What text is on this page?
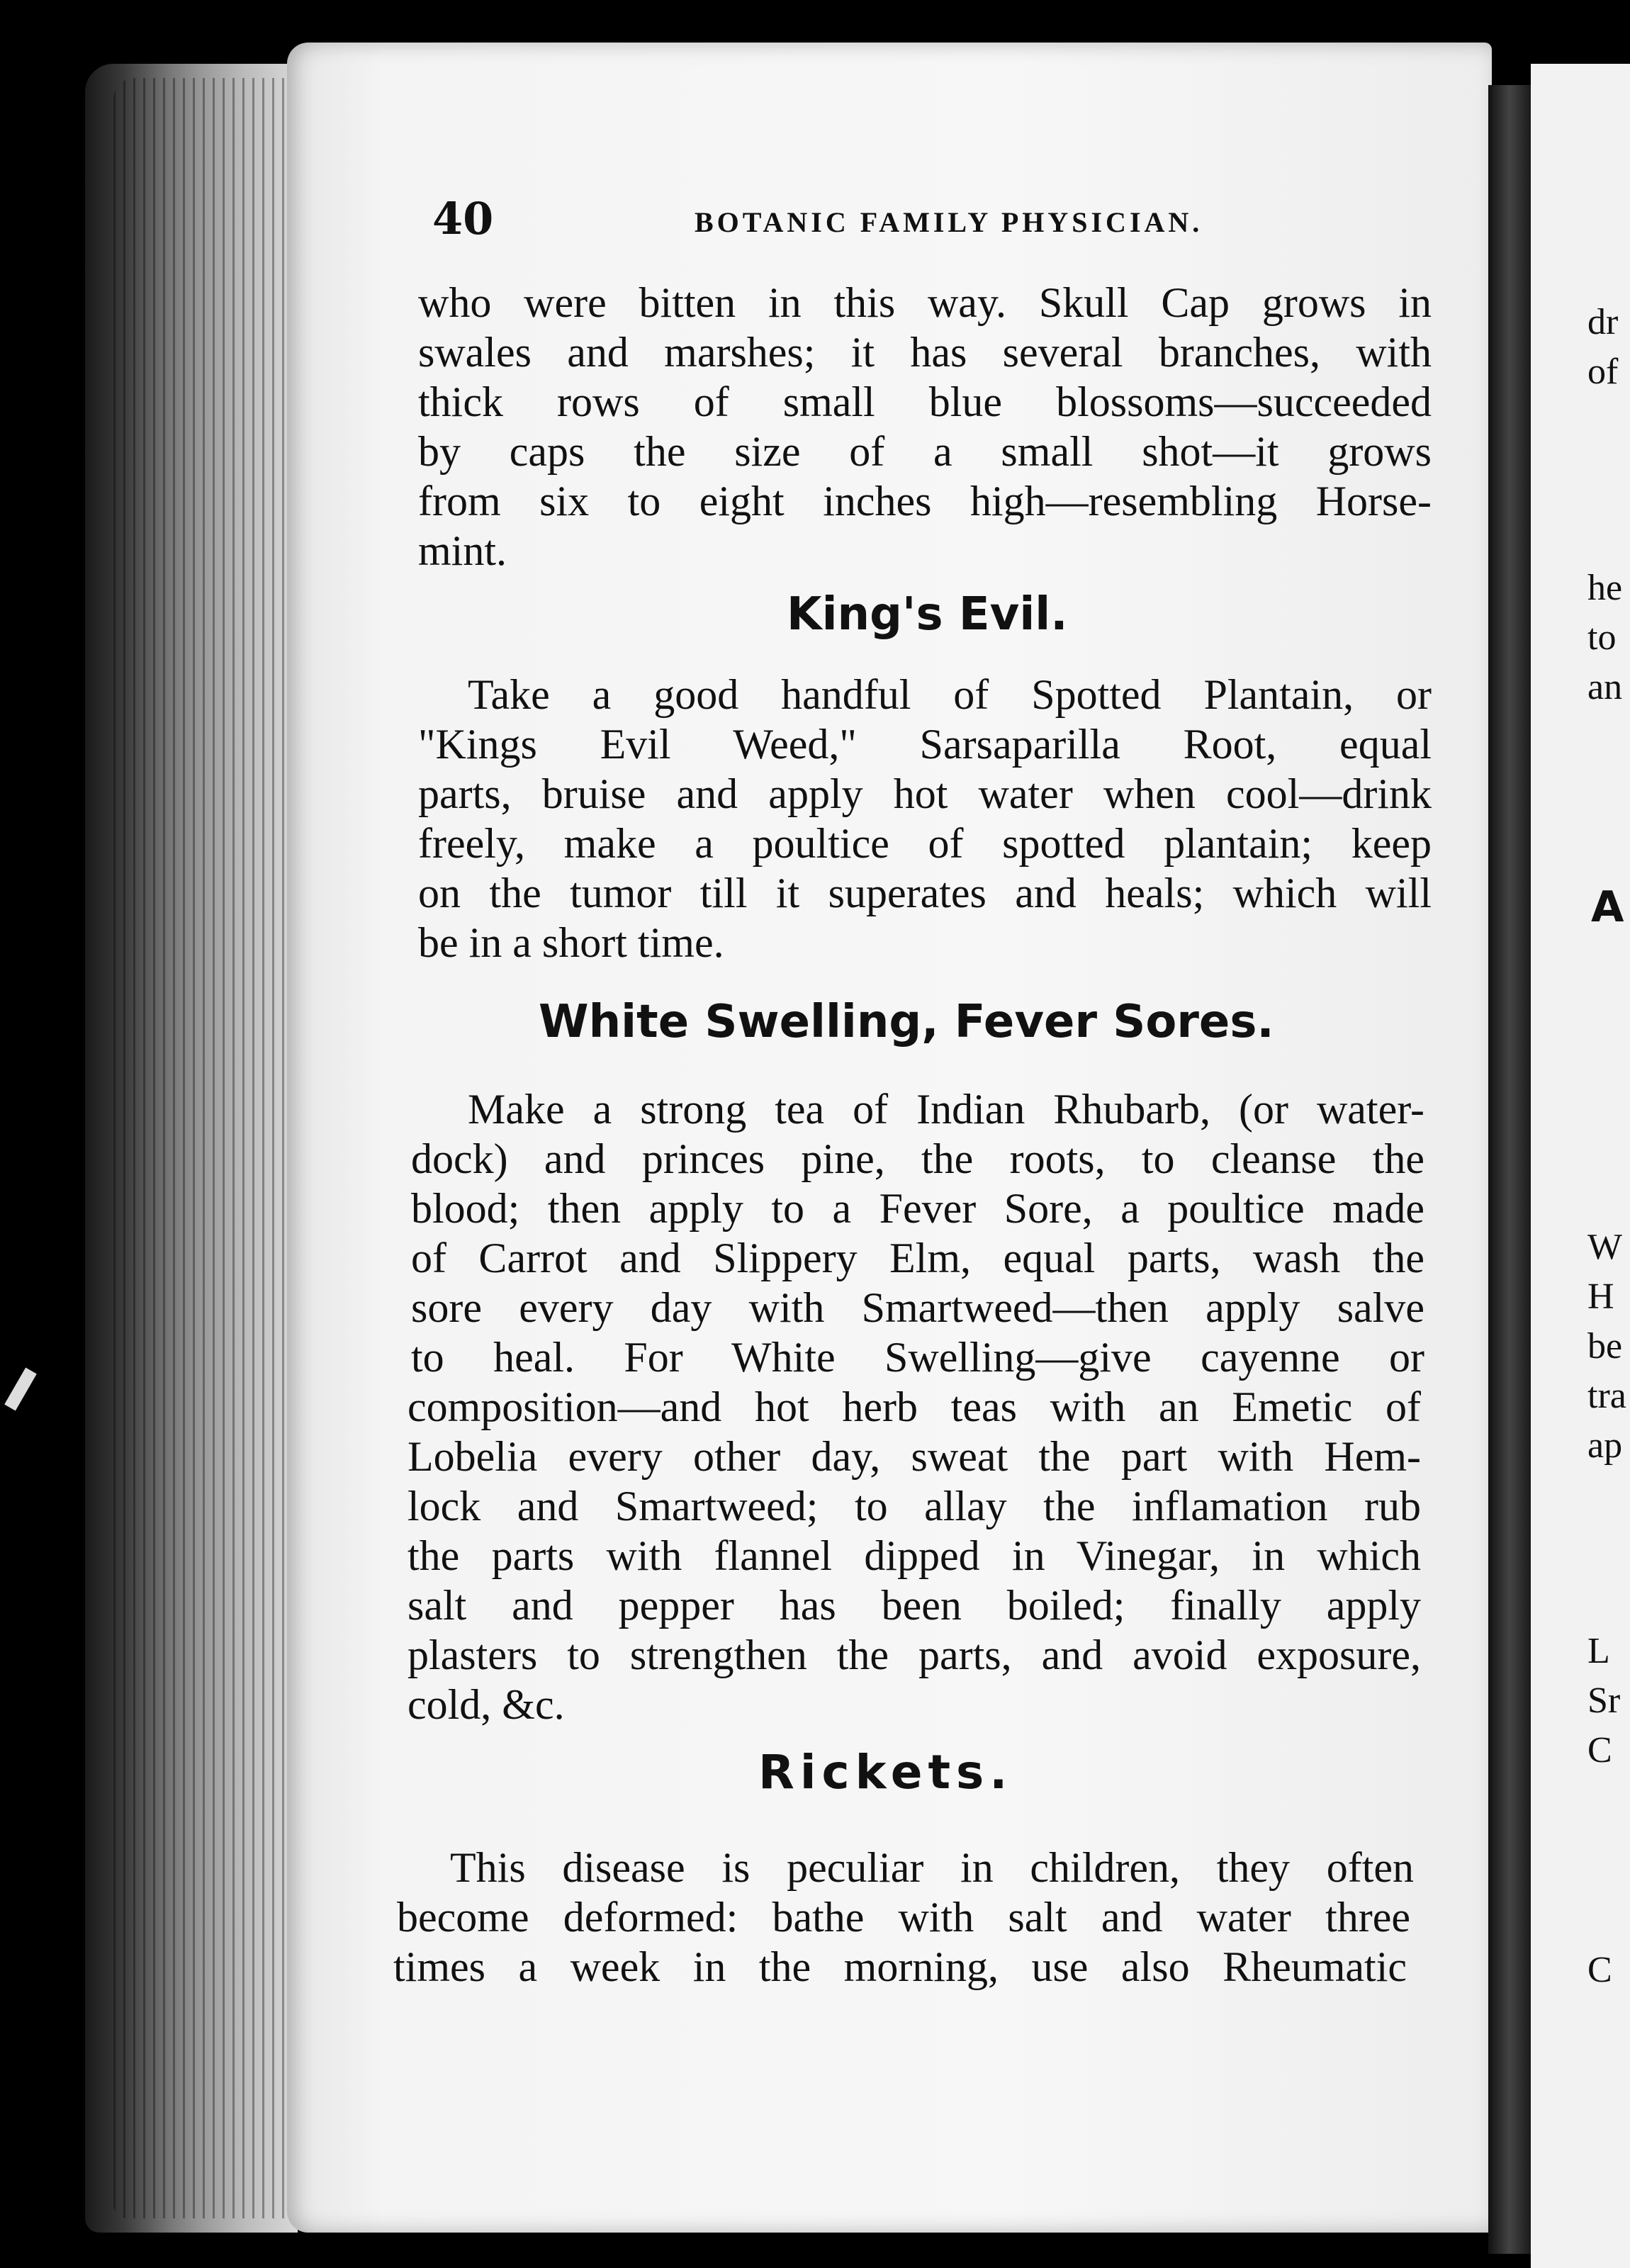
40	BOTANIC FAMILY PHYSICIAN.
who were bitten in this way. Skull Cap grows in
swales and marshes; it has several branches, with
thick rows of small blue blossoms—succeeded
by caps the size of a small shot—it grows
from six to eight inches high—resembling Horse-
mint.
King's Evil.
Take a good handful of Spotted Plantain, or
"Kings Evil Weed," Sarsaparilla Root, equal
parts, bruise and apply hot water when cool—drink
freely, make a poultice of spotted plantain; keep
on the tumor till it superates and heals; which will
be in a short time.
White Swelling, Fever Sores.
Make a strong tea of Indian Rhubarb, (or water-
dock) and princes pine, the roots, to cleanse the
blood; then apply to a Fever Sore, a poultice made
of Carrot and Slippery Elm, equal parts, wash the
sore every day with Smartweed—then apply salve
to heal. For White Swelling—give cayenne or
composition—and hot herb teas with an Emetic of
Lobelia every other day, sweat the part with Hem-
lock and Smartweed; to allay the inflamation rub
the parts with flannel dipped in Vinegar, in which
salt and pepper has been boiled; finally apply
plasters to strengthen the parts, and avoid exposure,
cold, &c.
Rickets.
This disease is peculiar in children, they often
become deformed: bathe with salt and water three
times a week in the morning, use also Rheumatic
dr
of
he
to
an
A
W
H
be
tra
ap
L
Sr
C
C
